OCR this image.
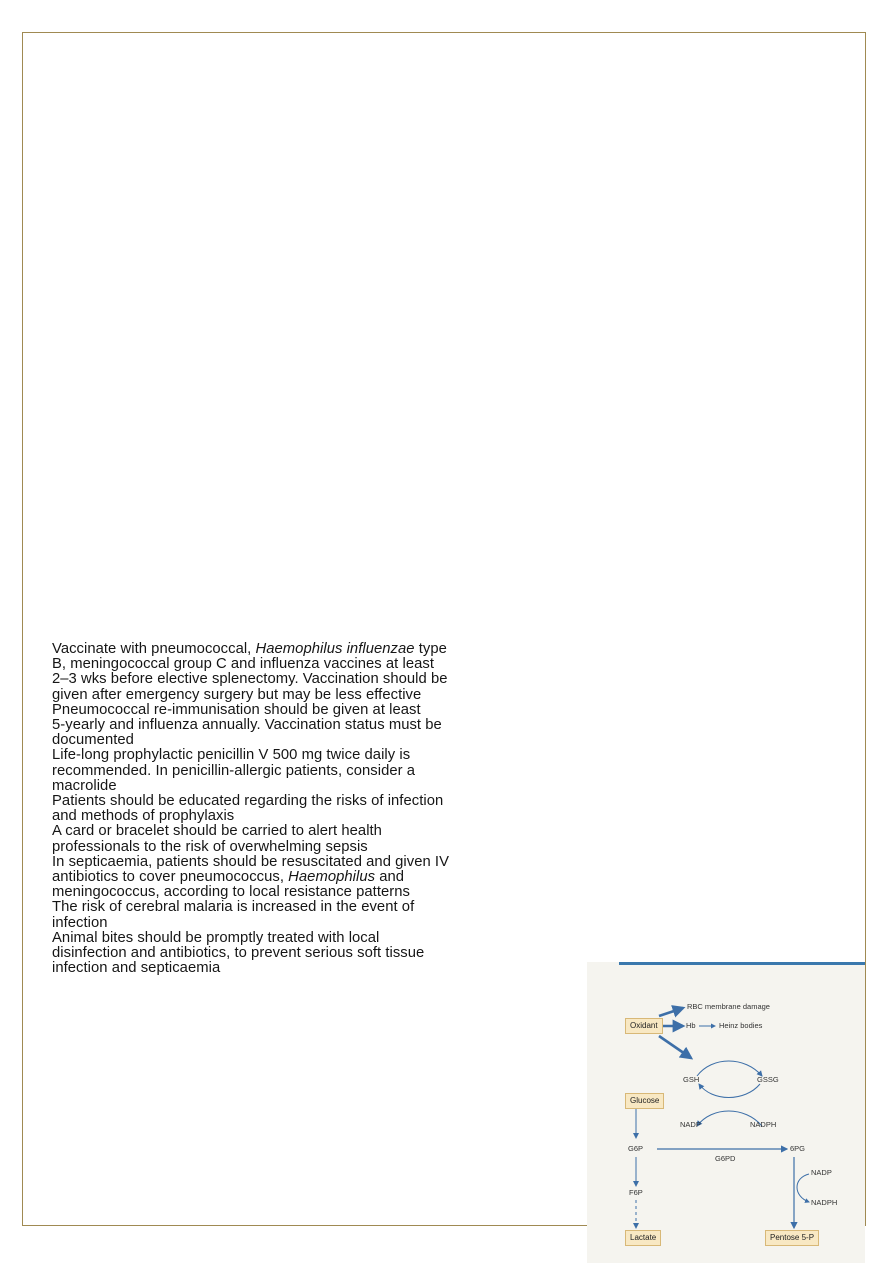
Vaccinate with pneumococcal, Haemophilus influenzae type
B, meningococcal group C and influenza vaccines at least
2–3 wks before elective splenectomy. Vaccination should be
given after emergency surgery but may be less effective
Pneumococcal re-immunisation should be given at least
5-yearly and influenza annually. Vaccination status must be
documented
Life-long prophylactic penicillin V 500 mg twice daily is
recommended. In penicillin-allergic patients, consider a
macrolide
Patients should be educated regarding the risks of infection
and methods of prophylaxis
A card or bracelet should be carried to alert health
professionals to the risk of overwhelming sepsis
In septicaemia, patients should be resuscitated and given IV
antibiotics to cover pneumococcus, Haemophilus and
meningococcus, according to local resistance patterns
The risk of cerebral malaria is increased in the event of
infection
Animal bites should be promptly treated with local
disinfection and antibiotics, to prevent serious soft tissue
infection and septicaemia
Oxidant
Glucose
Lactate	Pentose 5-P
RBC membrane damage
Hb	Heinz bodies
GSH	GSSG
NADP	NADPH
G6P
G6PD
6PG
F6P
NADP
NADPH
